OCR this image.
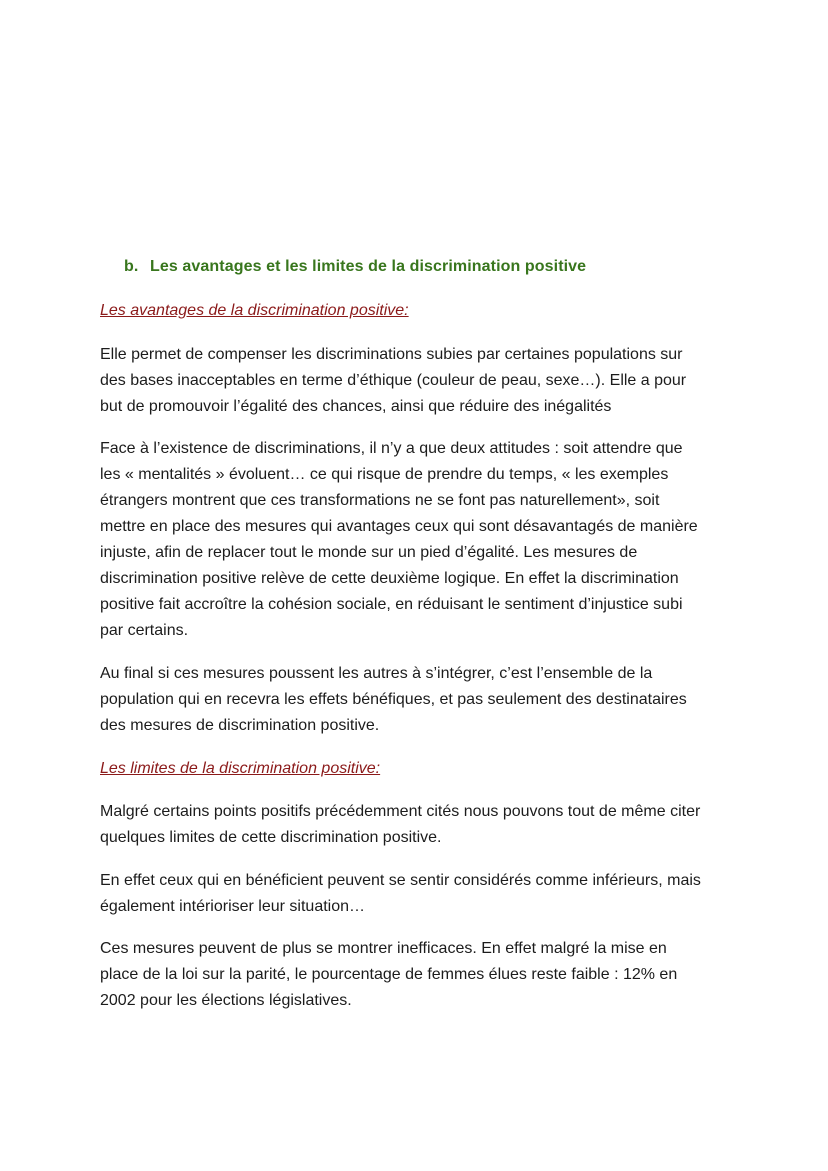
b. Les avantages et les limites de la discrimination positive
Les avantages de la discrimination positive:
Elle permet de compenser les discriminations subies par certaines populations sur
des bases inacceptables en terme d’éthique (couleur de peau, sexe…). Elle a pour
but de promouvoir l’égalité des chances, ainsi que réduire des inégalités
Face à l’existence de discriminations, il n’y a que deux attitudes : soit attendre que
les « mentalités » évoluent… ce qui risque de prendre du temps, « les exemples
étrangers montrent que ces transformations ne se font pas naturellement», soit
mettre en place des mesures qui avantages ceux qui sont désavantagés de manière
injuste, afin de replacer tout le monde sur un pied d’égalité. Les mesures de
discrimination positive relève de cette deuxième logique. En effet la discrimination
positive fait accroître la cohésion sociale, en réduisant le sentiment d’injustice subi
par certains.
Au final si ces mesures poussent les autres à s’intégrer, c’est l’ensemble de la
population qui en recevra les effets bénéfiques, et pas seulement des destinataires
des mesures de discrimination positive.
Les limites de la discrimination positive:
Malgré certains points positifs précédemment cités nous pouvons tout de même citer
quelques limites de cette discrimination positive.
En effet ceux qui en bénéficient peuvent se sentir considérés comme inférieurs, mais
également intérioriser leur situation…
Ces mesures peuvent de plus se montrer inefficaces. En effet malgré la mise en
place de la loi sur la parité, le pourcentage de femmes élues reste faible : 12% en
2002 pour les élections législatives.
